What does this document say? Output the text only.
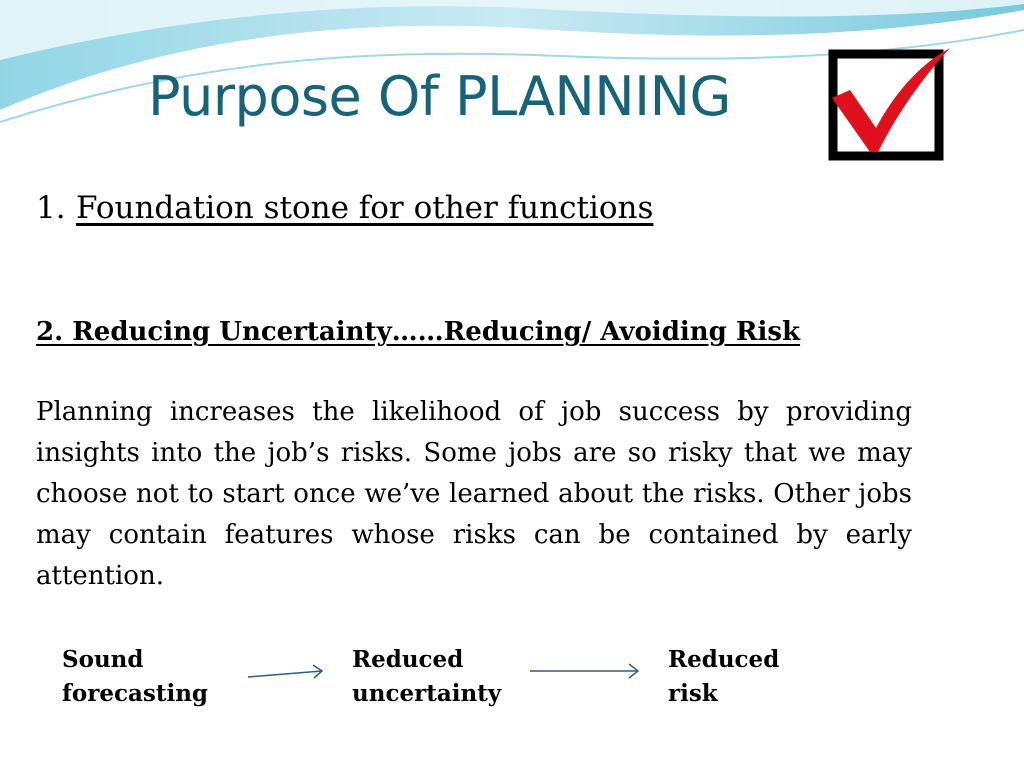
Purpose Of PLANNING
1. Foundation stone for other functions
2. Reducing Uncertainty……Reducing/ Avoiding Risk

Planning increases the likelihood of job success by providing insights into the job’s risks. Some jobs are so risky that we may choose not to start once we’ve learned about the risks. Other jobs may contain features whose risks can be contained by early attention.

Sound
forecasting
Reduced
uncertainty
Reduced
risk
